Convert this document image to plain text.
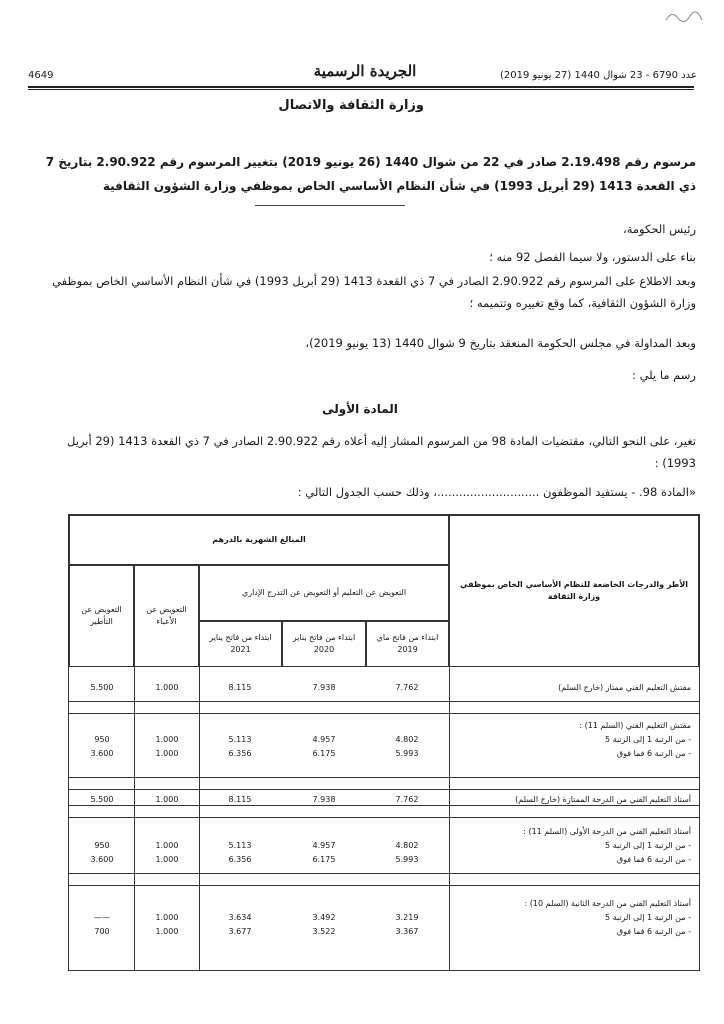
4649	الجريدة الرسمية	عدد 6790 - 23 شوال 1440 (27 يونيو 2019)
وزارة الثقافة والاتصال
مرسوم رقم 2.19.498 صادر في 22 من شوال 1440 (26 يونيو 2019) بتغيير المرسوم رقم 2.90.922 بتاريخ 7 ذي القعدة 1413 (29 أبريل 1993) في شأن النظام الأساسي الخاص بموظفي وزارة الشؤون الثقافية
رئيس الحكومة،
بناء على الدستور، ولا سيما الفصل 92 منه ؛
وبعد الاطلاع على المرسوم رقم 2.90.922 الصادر في 7 ذي القعدة 1413 (29 أبريل 1993) في شأن النظام الأساسي الخاص بموظفي وزارة الشؤون الثقافية، كما وقع تغييره وتتميمه ؛
وبعد المداولة في مجلس الحكومة المنعقد بتاريخ 9 شوال 1440 (13 يونيو 2019)،
رسم ما يلي :
المادة الأولى
تغير، على النحو التالي، مقتضيات المادة 98 من المرسوم المشار إليه أعلاه رقم 2.90.922 الصادر في 7 ذي القعدة 1413 (29 أبريل 1993) :
«المادة 98. - يستفيد الموظفون ............................، وذلك حسب الجدول التالي :
الأطر والدرجات الخاضعة للنظام الأساسي الخاص بموظفي وزارة الثقافة
المبالغ الشهرية بالدرهم
التعويض عن التعليم أو التعويض عن التدرج الإداري
ابتداء من فاتح ماي 2019
ابتداء من فاتح يناير 2020
ابتداء من فاتح يناير 2021
التعويض عن الأعباء
التعويض عن التأطير
مفتش التعليم الفني ممتاز (خارج السلم)
7.762
7.938
8.115
1.000
5.500
مفتش التعليم الفني (السلم 11) :
- من الرتبة 1 إلى الرتبة 5
- من الرتبة 6 فما فوق
4.802
4.957
5.113
1.000
950
5.993
6.175
6.356
1.000
3.600
أستاذ التعليم الفني من الدرجة الممتازة (خارج السلم)
7.762
7.938
8.115
1.000
5.500
أستاذ التعليم الفني من الدرجة الأولى (السلم 11) :
- من الرتبة 1 إلى الرتبة 5
- من الرتبة 6 فما فوق
4.802
4.957
5.113
1.000
950
5.993
6.175
6.356
1.000
3.600
أستاذ التعليم الفني من الدرجة الثانية (السلم 10) :
- من الرتبة 1 إلى الرتبة 5
- من الرتبة 6 فما فوق
3.219
3.492
3.634
1.000
——
3.367
3.522
3.677
1.000
700
